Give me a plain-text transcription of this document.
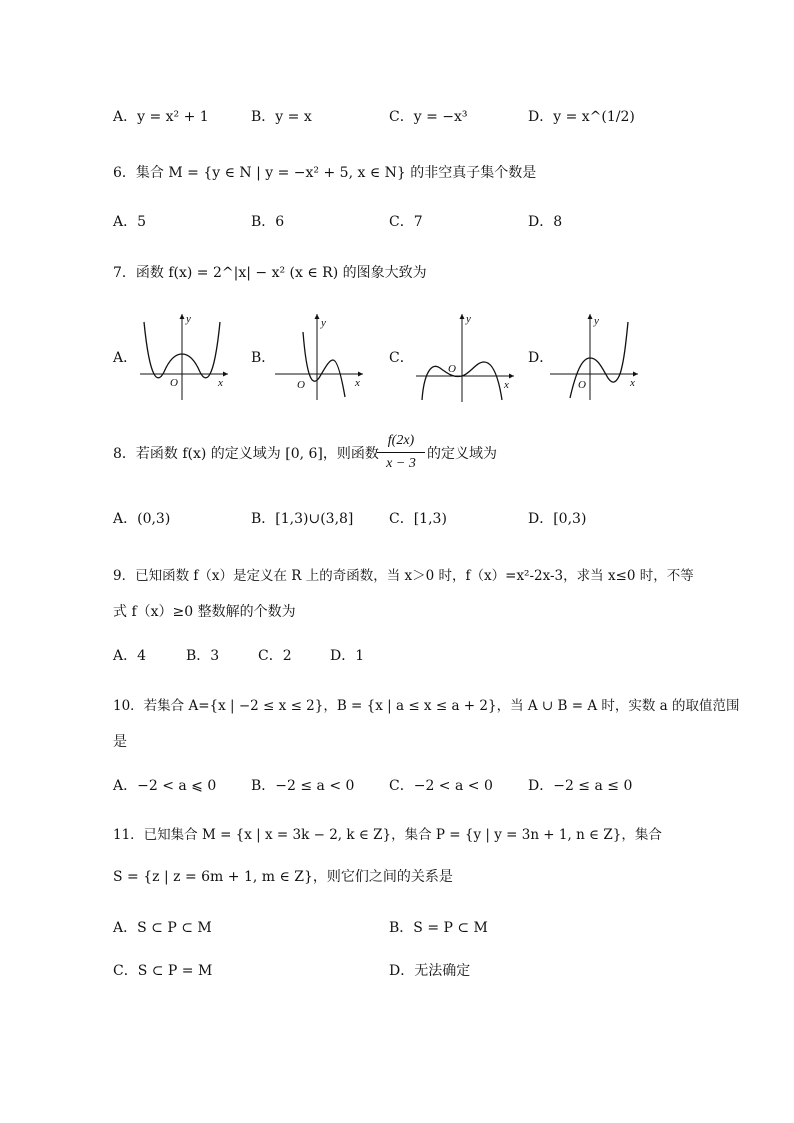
A．y = x² + 1	B．y = x	C．y = −x³	D．y = x^(1/2)
6．集合 M = {y ∈ N | y = −x² + 5, x ∈ N} 的非空真子集个数是
A．5	B．6	C．7	D．8
7．函数 f(x) = 2^|x| − x² (x ∈ R) 的图象大致为
A．
y
x
O
B．
y
x
O
C．
y
x
O
D．
y
x
O
8．若函数 f(x) 的定义域为 [0, 6]，则函数
$\frac{f(2x)}{x - 3}$ 的定义域为
A．(0,3)	B．[1,3)∪(3,8]	C．[1,3)	D．[0,3)
9．已知函数 f（x）是定义在 R 上的奇函数，当 x＞0 时，f（x）=x²-2x-3，求当 x≤0 时，不等
式 f（x）≥0 整数解的个数为
A．4	B．3	C．2	D．1
10．若集合 A={x | −2 ≤ x ≤ 2}，B = {x | a ≤ x ≤ a + 2}，当 A ∪ B = A 时，实数 a 的取值范围
是
A．−2 < a ⩽ 0 B．−2 ≤ a < 0 C．−2 < a < 0	D．−2 ≤ a ≤ 0
11．已知集合 M = {x | x = 3k − 2, k ∈ Z}，集合 P = {y | y = 3n + 1, n ∈ Z}，集合
S = {z | z = 6m + 1, m ∈ Z}，则它们之间的关系是
A．S ⊂ P ⊂ M	B．S = P ⊂ M
C．S ⊂ P = M	D．无法确定
